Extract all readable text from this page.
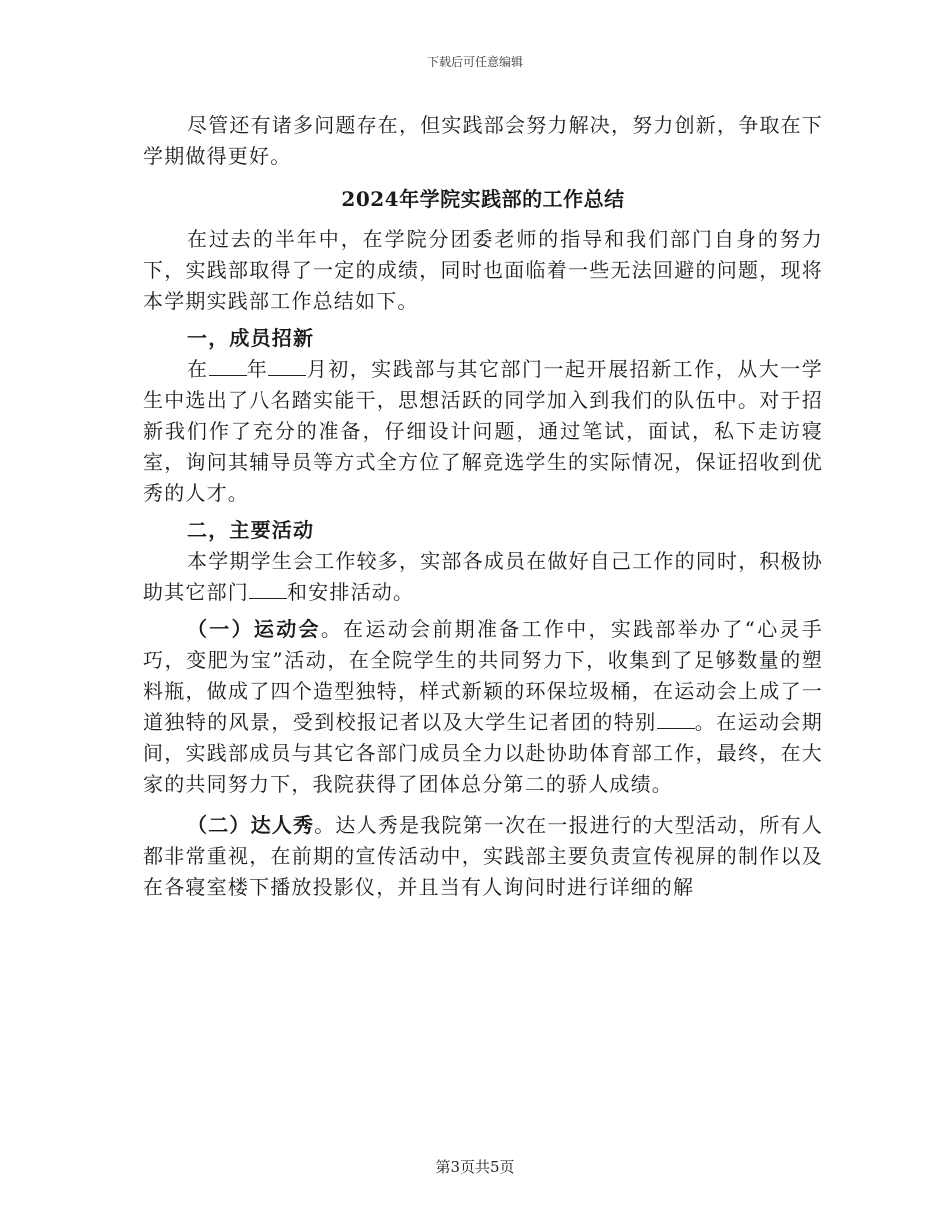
下载后可任意编辑

尽管还有诸多问题存在，但实践部会努力解决，努力创新，争取在下学期做得更好。

2024年学院实践部的工作总结

在过去的半年中，在学院分团委老师的指导和我们部门自身的努力下，实践部取得了一定的成绩，同时也面临着一些无法回避的问题，现将本学期实践部工作总结如下。

一，成员招新

在 年 月初，实践部与其它部门一起开展招新工作，从大一学生中选出了八名踏实能干，思想活跃的同学加入到我们的队伍中。对于招新我们作了充分的准备，仔细设计问题，通过笔试，面试，私下走访寝室，询问其辅导员等方式全方位了解竞选学生的实际情况，保证招收到优秀的人才。

二，主要活动

本学期学生会工作较多，实部各成员在做好自己工作的同时，积极协助其它部门 和安排活动。

（一）运动会。在运动会前期准备工作中，实践部举办了“心灵手巧，变肥为宝”活动，在全院学生的共同努力下，收集到了足够数量的塑料瓶，做成了四个造型独特，样式新颖的环保垃圾桶，在运动会上成了一道独特的风景，受到校报记者以及大学生记者团的特别 。在运动会期间，实践部成员与其它各部门成员全力以赴协助体育部工作，最终，在大家的共同努力下，我院获得了团体总分第二的骄人成绩。

（二）达人秀。达人秀是我院第一次在一报进行的大型活动，所有人都非常重视，在前期的宣传活动中，实践部主要负责宣传视屏的制作以及在各寝室楼下播放投影仪，并且当有人询问时进行详细的解

第3页共5页
